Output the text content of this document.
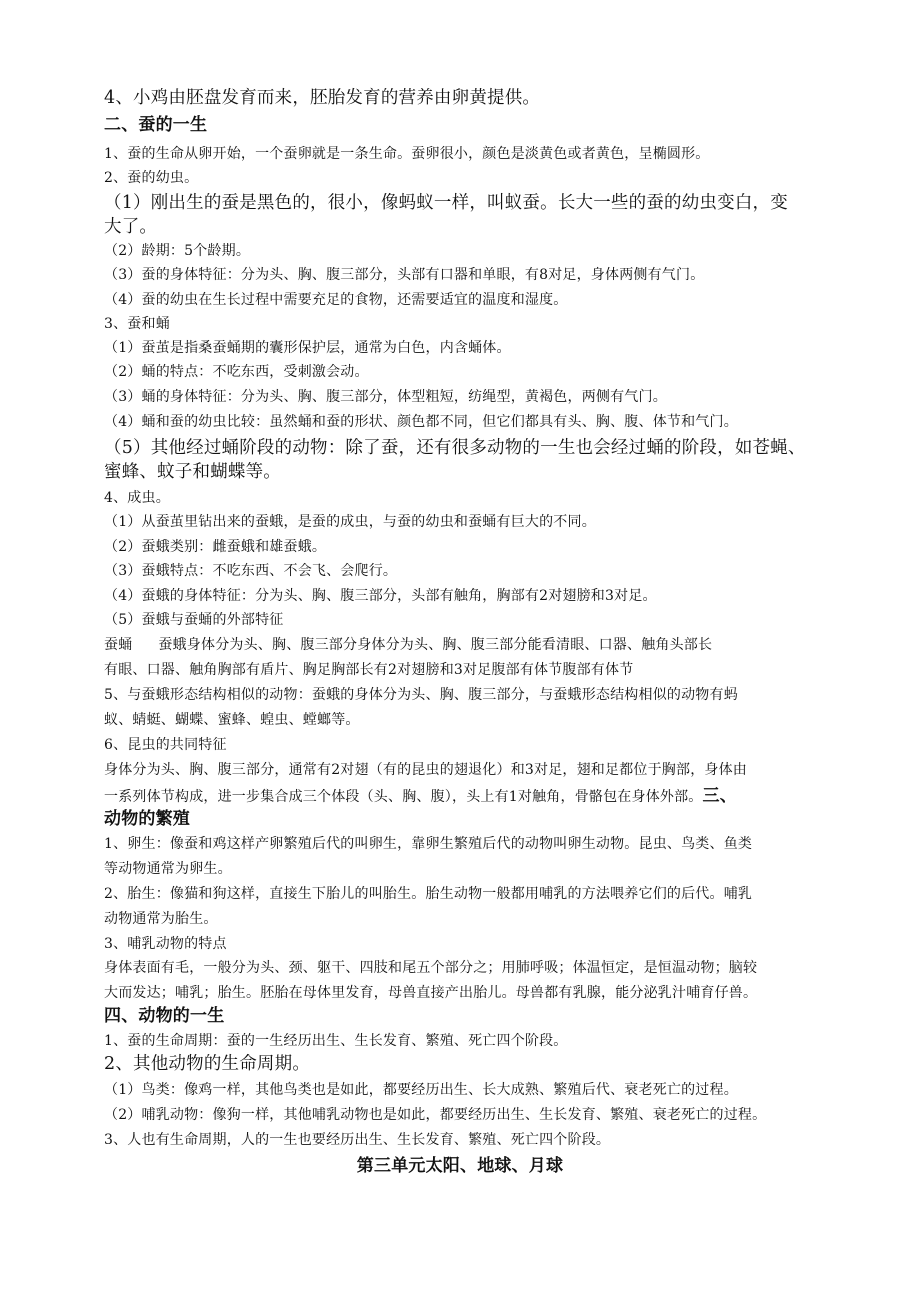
4、小鸡由胚盘发育而来，胚胎发育的营养由卵黄提供。
二、蚕的一生
1、蚕的生命从卵开始，一个蚕卵就是一条生命。蚕卵很小，颜色是淡黄色或者黄色，呈椭圆形。
2、蚕的幼虫。
（1）刚出生的蚕是黑色的，很小，像蚂蚁一样，叫蚁蚕。长大一些的蚕的幼虫变白，变
大了。
（2）龄期：5个龄期。
（3）蚕的身体特征：分为头、胸、腹三部分，头部有口器和单眼，有8对足，身体两侧有气门。
（4）蚕的幼虫在生长过程中需要充足的食物，还需要适宜的温度和湿度。
3、蚕和蛹
（1）蚕茧是指桑蚕蛹期的囊形保护层，通常为白色，内含蛹体。
（2）蛹的特点：不吃东西，受刺激会动。
（3）蛹的身体特征：分为头、胸、腹三部分，体型粗短，纺绳型，黄褐色，两侧有气门。
（4）蛹和蚕的幼虫比较：虽然蛹和蚕的形状、颜色都不同，但它们都具有头、胸、腹、体节和气门。
（5）其他经过蛹阶段的动物：除了蚕，还有很多动物的一生也会经过蛹的阶段，如苍蝇、
蜜蜂、蚊子和蝴蝶等。
4、成虫。
（1）从蚕茧里钻出来的蚕蛾，是蚕的成虫，与蚕的幼虫和蚕蛹有巨大的不同。
（2）蚕蛾类别：雌蚕蛾和雄蚕蛾。
（3）蚕蛾特点：不吃东西、不会飞、会爬行。
（4）蚕蛾的身体特征：分为头、胸、腹三部分，头部有触角，胸部有2对翅膀和3对足。
（5）蚕蛾与蚕蛹的外部特征
蚕蛹 蚕蛾身体分为头、胸、腹三部分身体分为头、胸、腹三部分能看清眼、口器、触角头部长
有眼、口器、触角胸部有盾片、胸足胸部长有2对翅膀和3对足腹部有体节腹部有体节
5、与蚕蛾形态结构相似的动物：蚕蛾的身体分为头、胸、腹三部分，与蚕蛾形态结构相似的动物有蚂
蚁、蜻蜓、蝴蝶、蜜蜂、蝗虫、螳螂等。
6、昆虫的共同特征
身体分为头、胸、腹三部分，通常有2对翅（有的昆虫的翅退化）和3对足，翅和足都位于胸部，身体由
一系列体节构成，进一步集合成三个体段（头、胸、腹），头上有1对触角，骨骼包在身体外部。三、
动物的繁殖
1、卵生：像蚕和鸡这样产卵繁殖后代的叫卵生，靠卵生繁殖后代的动物叫卵生动物。昆虫、鸟类、鱼类
等动物通常为卵生。
2、胎生：像猫和狗这样，直接生下胎儿的叫胎生。胎生动物一般都用哺乳的方法喂养它们的后代。哺乳
动物通常为胎生。
3、哺乳动物的特点
身体表面有毛，一般分为头、颈、躯干、四肢和尾五个部分之；用肺呼吸；体温恒定，是恒温动物；脑较
大而发达；哺乳；胎生。胚胎在母体里发育，母兽直接产出胎儿。母兽都有乳腺，能分泌乳汁哺育仔兽。
四、动物的一生
1、蚕的生命周期：蚕的一生经历出生、生长发育、繁殖、死亡四个阶段。
2、其他动物的生命周期。
（1）鸟类：像鸡一样，其他鸟类也是如此，都要经历出生、长大成熟、繁殖后代、衰老死亡的过程。
（2）哺乳动物：像狗一样，其他哺乳动物也是如此，都要经历出生、生长发育、繁殖、衰老死亡的过程。
3、人也有生命周期，人的一生也要经历出生、生长发育、繁殖、死亡四个阶段。
第三单元太阳、地球、月球
